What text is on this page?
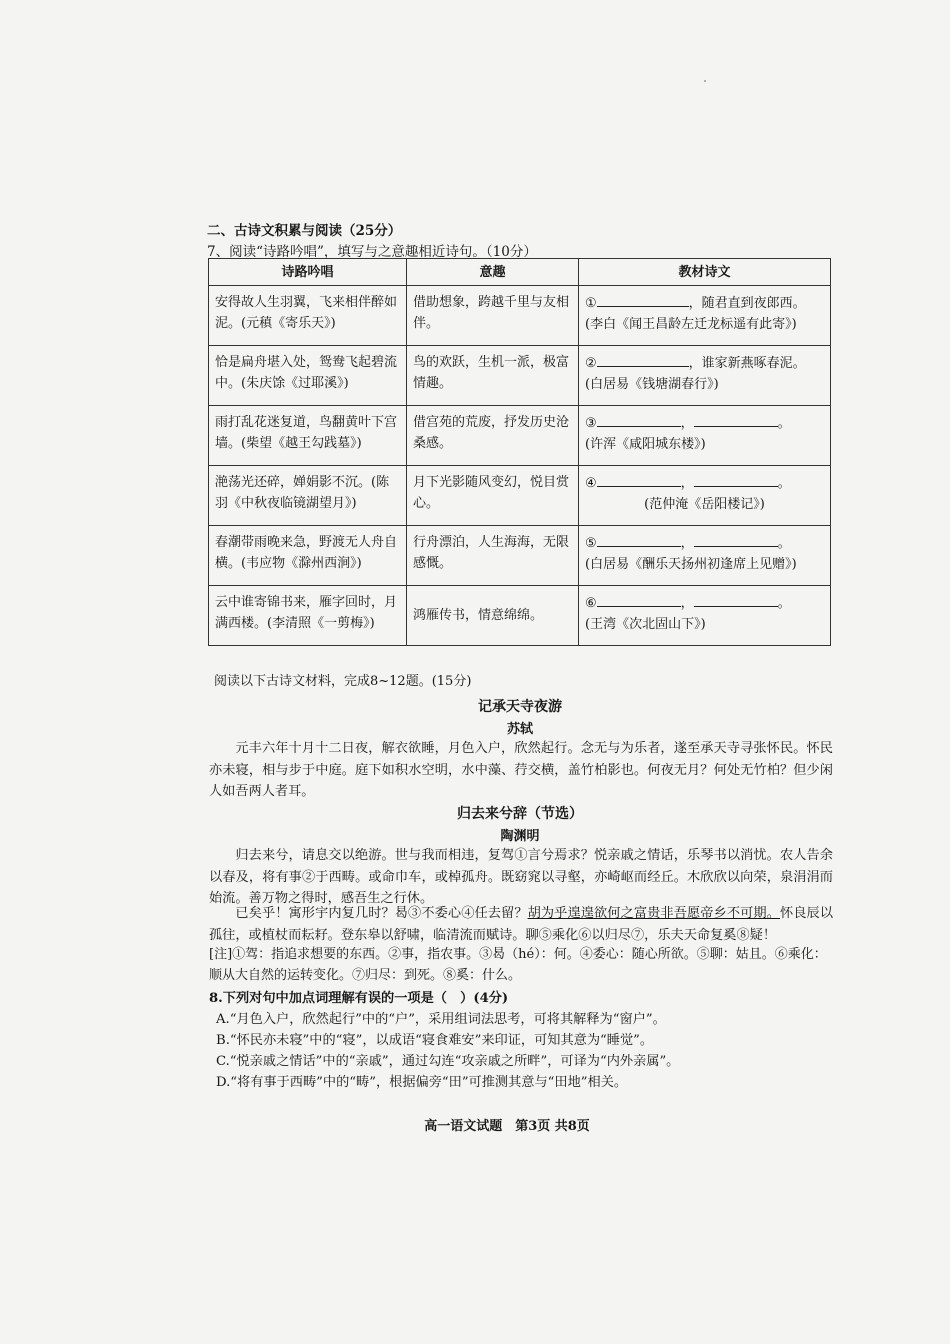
二、古诗文积累与阅读（25分）
7、阅读“诗路吟唱”，填写与之意趣相近诗句。（10分）
诗路吟唱	意趣	教材诗文
安得故人生羽翼，飞来相伴醉如泥。(元稹《寄乐天》)	借助想象，跨越千里与友相伴。	① ，随君直到夜郎西。
(李白《闻王昌龄左迁龙标遥有此寄》)

恰是扁舟堪入处，鸳鸯飞起碧流中。(朱庆馀《过耶溪》)	鸟的欢跃，生机一派，极富情趣。	② ，谁家新燕啄春泥。
(白居易《钱塘湖春行》)

雨打乱花迷复道，鸟翻黄叶下宫墙。(柴望《越王勾践墓》)	借宫苑的荒废，抒发历史沧桑感。	③ ， 。
(许浑《咸阳城东楼》)

滟荡光还碎，婵娟影不沉。(陈羽《中秋夜临镜湖望月》)	月下光影随风变幻，悦目赏心。	④ ， 。
(范仲淹《岳阳楼记》)

春潮带雨晚来急，野渡无人舟自横。(韦应物《滁州西涧》)	行舟漂泊，人生海海，无限感慨。	⑤ ， 。
(白居易《酬乐天扬州初逢席上见赠》)

云中谁寄锦书来，雁字回时，月满西楼。(李清照《一剪梅》)	鸿雁传书，情意绵绵。	⑥ ， 。
(王湾《次北固山下》)
阅读以下古诗文材料，完成8~12题。(15分)
记承天寺夜游
苏轼

元丰六年十月十二日夜，解衣欲睡，月色入户，欣然起行。念无与为乐者，遂至承天寺寻张怀民。怀民亦未寝，相与步于中庭。庭下如积水空明，水中藻、荇交横，盖竹柏影也。何夜无月？何处无竹柏？但少闲人如吾两人者耳。

归去来兮辞（节选）
陶渊明

归去来兮，请息交以绝游。世与我而相违，复驾①言兮焉求？悦亲戚之情话，乐琴书以消忧。农人告余以春及，将有事②于西畴。或命巾车，或棹孤舟。既窈窕以寻壑，亦崎岖而经丘。木欣欣以向荣，泉涓涓而始流。善万物之得时，感吾生之行休。

已矣乎！寓形宇内复几时？曷③不委心④任去留？胡为乎遑遑欲何之富贵非吾愿帝乡不可期。怀良辰以孤往，或植杖而耘耔。登东皋以舒啸，临清流而赋诗。聊⑤乘化⑥以归尽⑦，乐夫天命复奚⑧疑！

[注]①驾：指追求想要的东西。②事，指农事。③曷（hé）：何。④委心：随心所欲。⑤聊：姑且。⑥乘化：顺从大自然的运转变化。⑦归尽：到死。⑧奚：什么。

8.下列对句中加点词理解有误的一项是（　）(4分)
A.“月色入户，欣然起行”中的“户”，采用组词法思考，可将其解释为“窗户”。
B.“怀民亦未寝”中的“寝”，以成语“寝食难安”来印证，可知其意为“睡觉”。
C.“悦亲戚之情话”中的“亲戚”，通过勾连“攻亲戚之所畔”，可译为“内外亲属”。
D.“将有事于西畴”中的“畴”，根据偏旁“田”可推测其意与“田地”相关。
高一语文试题　第3页 共8页
